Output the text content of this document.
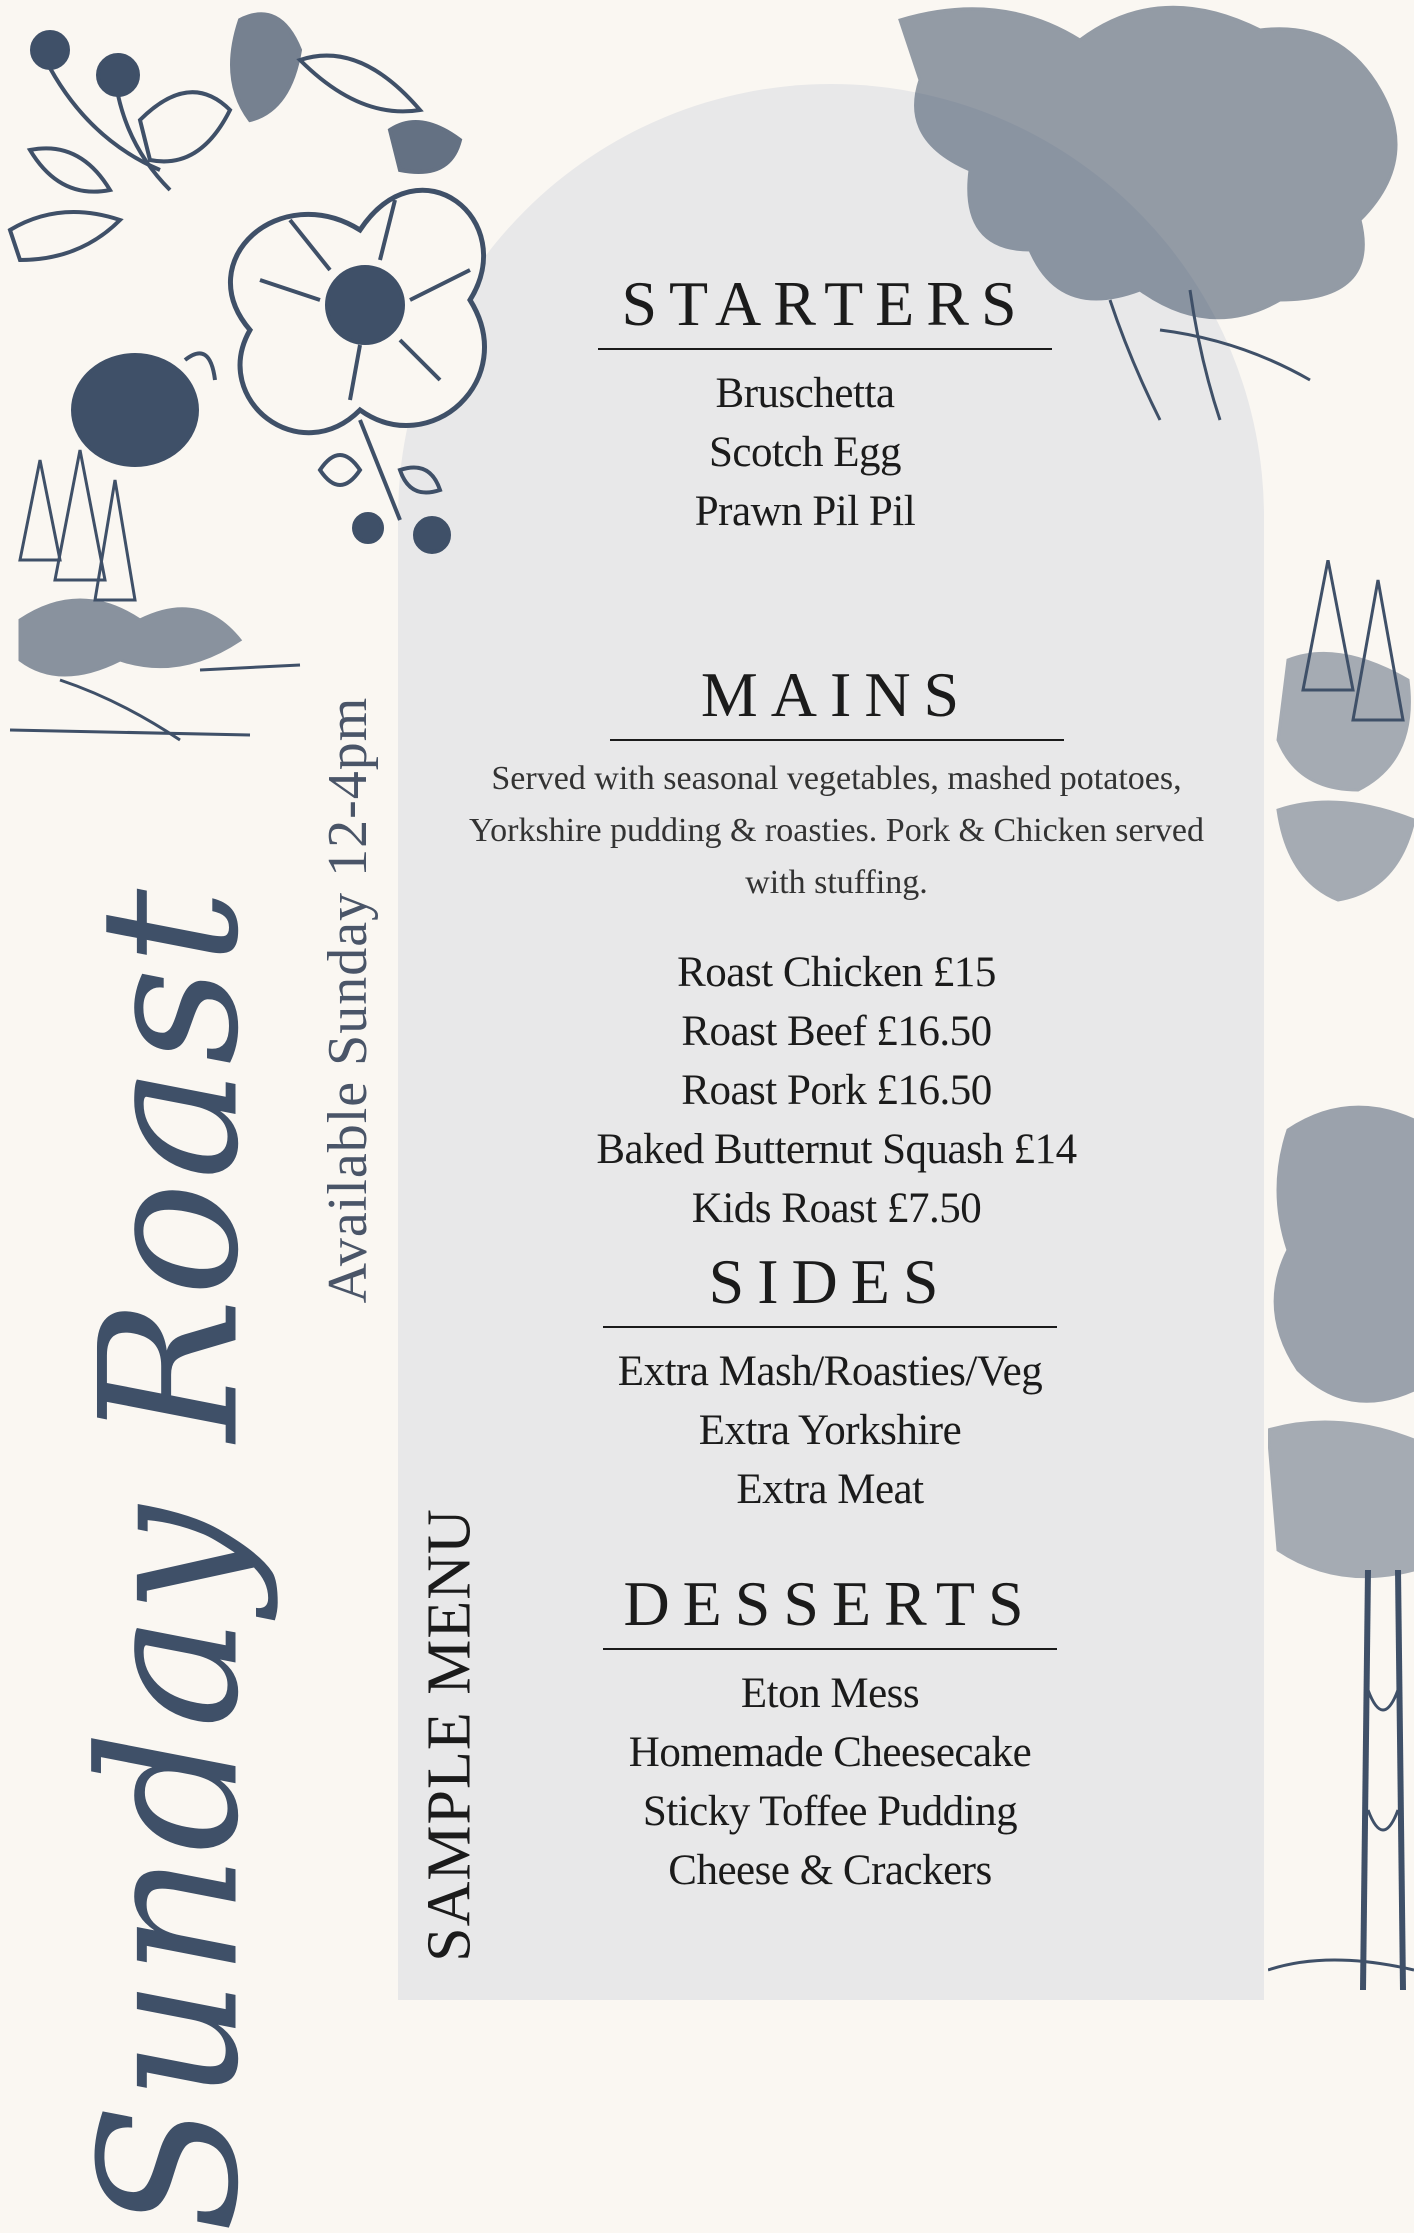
Sunday Roast Available Sunday 12-4pm
SAMPLE MENU
STARTERS
Bruschetta
Scotch Egg
Prawn Pil Pil
MAINS

Served with seasonal vegetables, mashed potatoes, Yorkshire pudding & roasties. Pork & Chicken served with stuffing.

Roast Chicken £15
Roast Beef £16.50
Roast Pork £16.50
Baked Butternut Squash £14
Kids Roast £7.50
SIDES
Extra Mash/Roasties/Veg
Extra Yorkshire
Extra Meat
DESSERTS
Eton Mess
Homemade Cheesecake
Sticky Toffee Pudding
Cheese & Crackers
